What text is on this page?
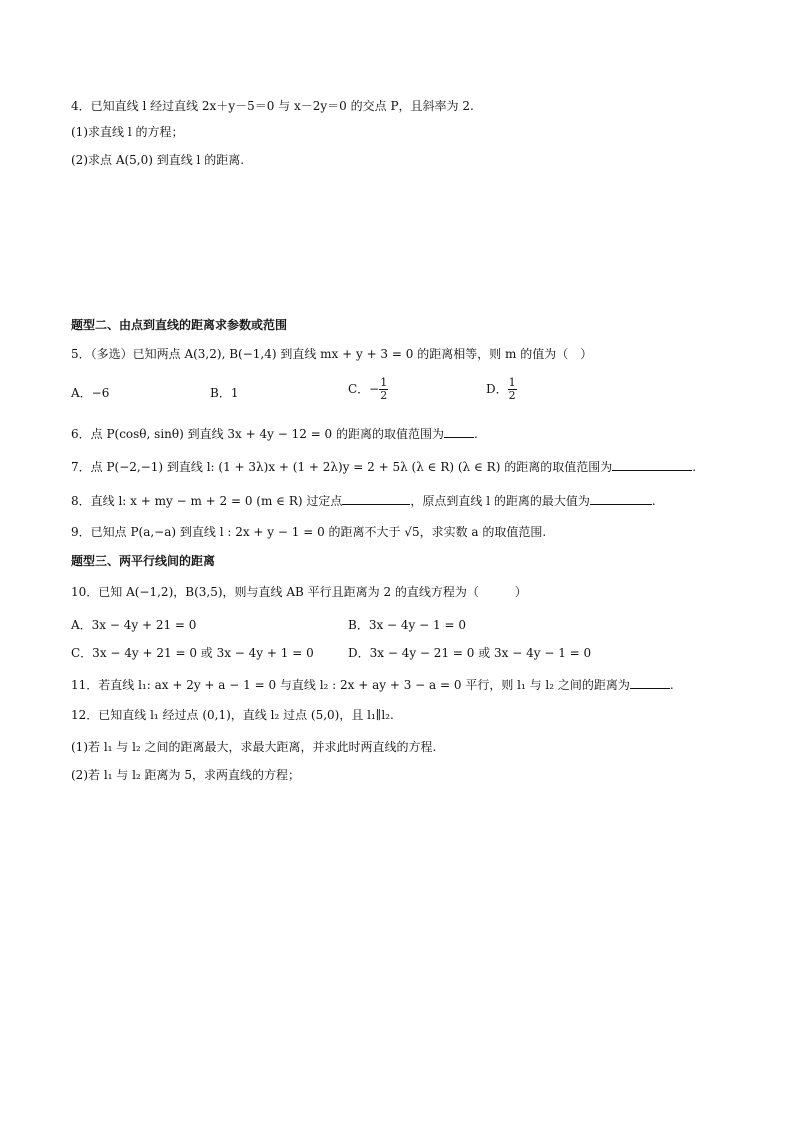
4．已知直线 l 经过直线 2x＋y－5＝0 与 x－2y＝0 的交点 P，且斜率为 2.
(1)求直线 l 的方程；
(2)求点 A(5,0) 到直线 l 的距离.
题型二、由点到直线的距离求参数或范围
5．（多选）已知两点 A(3,2), B(−1,4) 到直线 mx + y + 3 = 0 的距离相等，则 m 的值为（　）
A．−6	B．1	C．− $\frac{1}{2}$	D． $\frac{1}{2}$
6．点 P(cosθ, sinθ) 到直线 3x + 4y − 12 = 0 的距离的取值范围为	.
7．点 P(−2,−1) 到直线 l: (1 + 3λ)x + (1 + 2λ)y = 2 + 5λ (λ ∈ R) (λ ∈ R) 的距离的取值范围为	.
8．直线 l: x + my − m + 2 = 0 (m ∈ R) 过定点	，原点到直线 l 的距离的最大值为	.
9．已知点 P(a,−a) 到直线 l : 2x + y − 1 = 0 的距离不大于 √5，求实数 a 的取值范围.
题型三、两平行线间的距离
10．已知 A(−1,2)，B(3,5)，则与直线 AB 平行且距离为 2 的直线方程为（　　　）
A．3x − 4y + 21 = 0	B．3x − 4y − 1 = 0
C．3x − 4y + 21 = 0 或 3x − 4y + 1 = 0	D．3x − 4y − 21 = 0 或 3x − 4y − 1 = 0
11．若直线 l₁: ax + 2y + a − 1 = 0 与直线 l₂ : 2x + ay + 3 − a = 0 平行，则 l₁ 与 l₂ 之间的距离为	.
12．已知直线 l₁ 经过点 (0,1)，直线 l₂ 过点 (5,0)，且 l₁∥l₂.
(1)若 l₁ 与 l₂ 之间的距离最大，求最大距离，并求此时两直线的方程.
(2)若 l₁ 与 l₂ 距离为 5，求两直线的方程；
